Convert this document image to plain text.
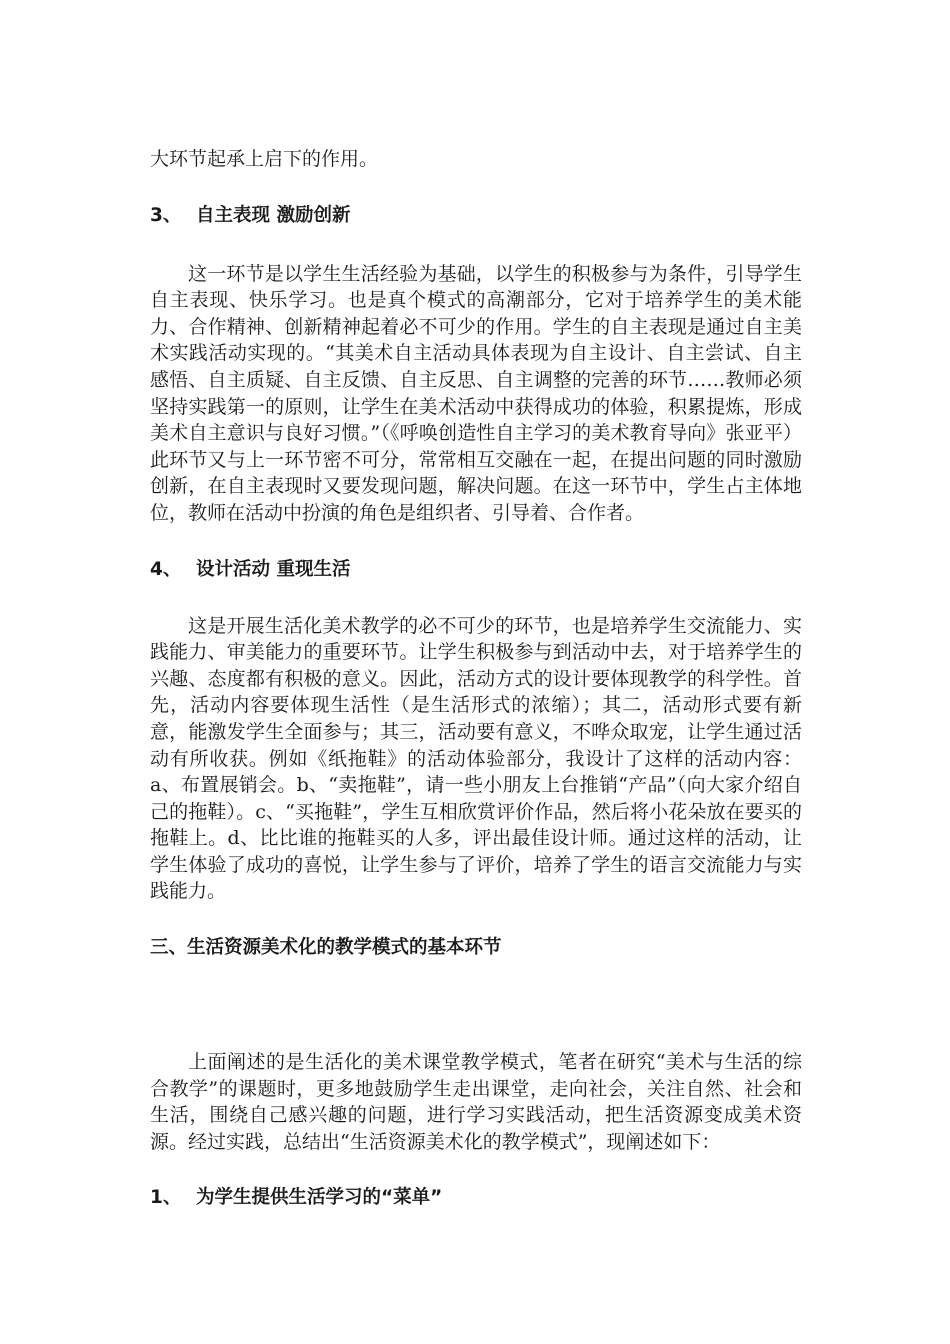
大环节起承上启下的作用。

3、 自主表现 激励创新

这一环节是以学生生活经验为基础，以学生的积极参与为条件，引导学生自主表现、快乐学习。也是真个模式的高潮部分，它对于培养学生的美术能力、合作精神、创新精神起着必不可少的作用。学生的自主表现是通过自主美术实践活动实现的。“其美术自主活动具体表现为自主设计、自主尝试、自主感悟、自主质疑、自主反馈、自主反思、自主调整的完善的环节……教师必须坚持实践第一的原则，让学生在美术活动中获得成功的体验，积累提炼，形成美术自主意识与良好习惯。”（《呼唤创造性自主学习的美术教育导向》张亚平）此环节又与上一环节密不可分，常常相互交融在一起，在提出问题的同时激励创新，在自主表现时又要发现问题，解决问题。在这一环节中，学生占主体地位，教师在活动中扮演的角色是组织者、引导着、合作者。

4、 设计活动 重现生活

这是开展生活化美术教学的必不可少的环节，也是培养学生交流能力、实践能力、审美能力的重要环节。让学生积极参与到活动中去，对于培养学生的兴趣、态度都有积极的意义。因此，活动方式的设计要体现教学的科学性。首先，活动内容要体现生活性（是生活形式的浓缩）；其二，活动形式要有新意，能激发学生全面参与；其三，活动要有意义，不哗众取宠，让学生通过活动有所收获。例如《纸拖鞋》的活动体验部分，我设计了这样的活动内容：a、布置展销会。b、“卖拖鞋”，请一些小朋友上台推销“产品”（向大家介绍自己的拖鞋）。c、“买拖鞋”，学生互相欣赏评价作品，然后将小花朵放在要买的拖鞋上。d、比比谁的拖鞋买的人多，评出最佳设计师。通过这样的活动，让学生体验了成功的喜悦，让学生参与了评价，培养了学生的语言交流能力与实践能力。

三、生活资源美术化的教学模式的基本环节

上面阐述的是生活化的美术课堂教学模式，笔者在研究“美术与生活的综合教学”的课题时，更多地鼓励学生走出课堂，走向社会，关注自然、社会和生活，围绕自己感兴趣的问题，进行学习实践活动，把生活资源变成美术资源。经过实践，总结出“生活资源美术化的教学模式”，现阐述如下：

1、 为学生提供生活学习的“菜单”
